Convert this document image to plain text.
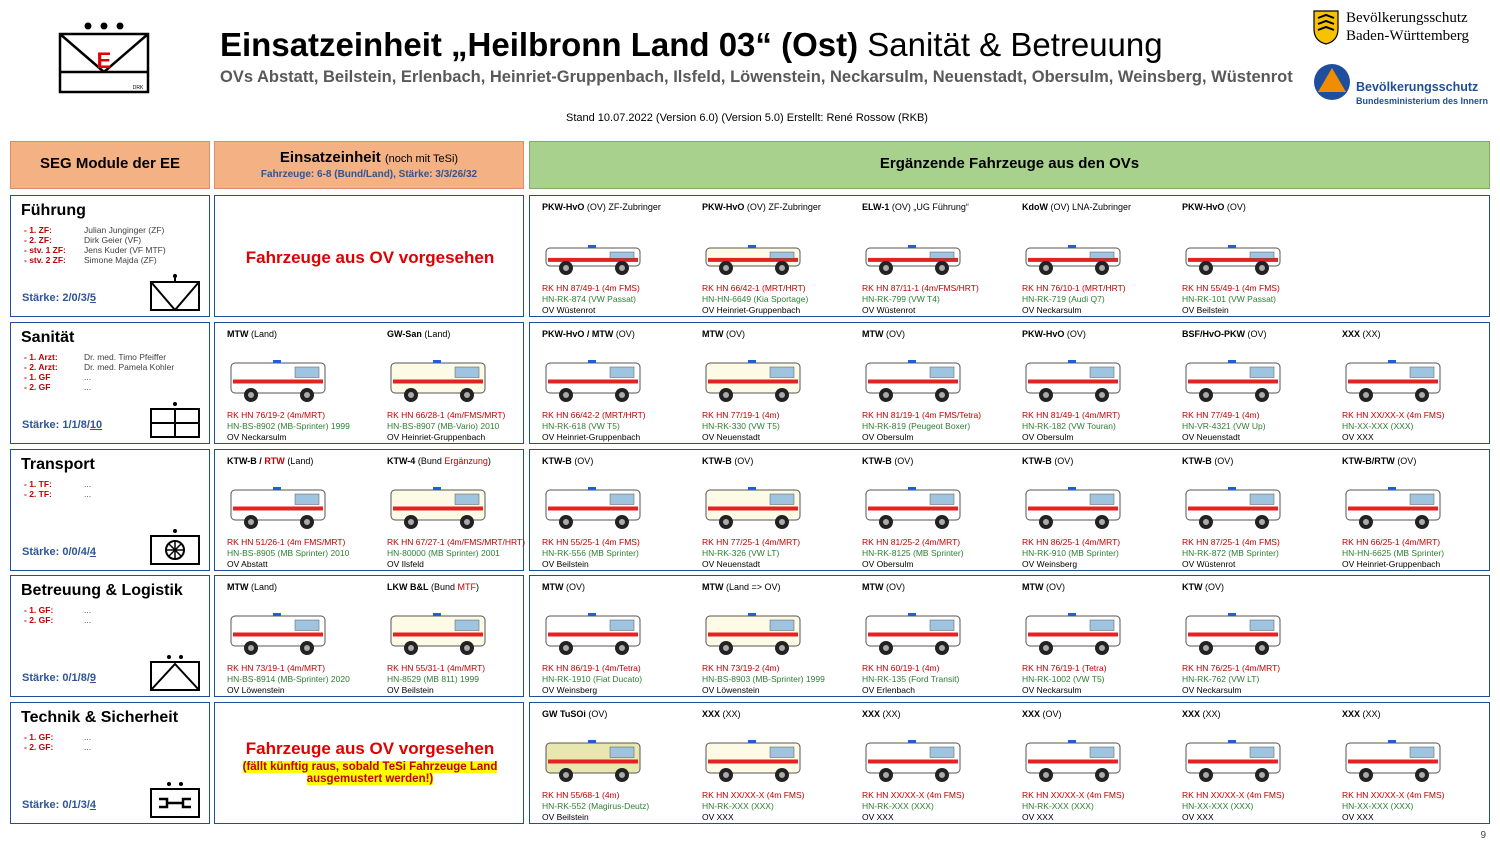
E
DRK
Einsatzeinheit „Heilbronn Land 03“ (Ost) Sanität & Betreuung
OVs Abstatt, Beilstein, Erlenbach, Heinriet-Gruppenbach, Ilsfeld, Löwenstein, Neckarsulm, Neuenstadt, Obersulm, Weinsberg, Wüstenrot
Stand 10.07.2022 (Version 6.0) (Version 5.0) Erstellt: René Rossow (RKB)
Bevölkerungsschutz
Baden-Württemberg
Bevölkerungsschutz
Bundesministerium des Innern
SEG Module der EE	Einsatzeinheit (noch mit TeSi)
Fahrzeuge: 6-8 (Bund/Land), Stärke: 3/3/26/32
Ergänzende Fahrzeuge aus den OVs
Führung
- 1. ZF:	Julian Junginger (ZF)
- 2. ZF:	Dirk Geier (VF)
- stv. 1 ZF: Jens Kuder (VF MTF)
- stv. 2 ZF: Simone Majda (ZF)
Stärke: 2/0/3/5
Fahrzeuge aus OV vorgesehen
PKW-HvO (OV) ZF-Zubringer
RK HN 87/49-1 (4m FMS)
HN-RK-874 (VW Passat)
OV Wüstenrot
PKW-HvO (OV) ZF-Zubringer
RK HN 66/42-1 (MRT/HRT)
HN-HN-6649 (Kia Sportage)
OV Heinriet-Gruppenbach
ELW-1 (OV) „UG Führung“
RK HN 87/11-1 (4m/FMS/HRT)
HN-RK-799 (VW T4)
OV Wüstenrot
KdoW (OV) LNA-Zubringer
RK HN 76/10-1 (MRT/HRT)
HN-RK-719 (Audi Q7)
OV Neckarsulm
PKW-HvO (OV)
RK HN 55/49-1 (4m FMS)
HN-RK-101 (VW Passat)
OV Beilstein
Sanität
- 1. Arzt:	Dr. med. Timo Pfeiffer
- 2. Arzt:	Dr. med. Pamela Kohler
- 1. GF	...
- 2. GF	...
Stärke: 1/1/8/10
MTW (Land)
RK HN 76/19-2 (4m/MRT)
HN-BS-8902 (MB-Sprinter) 1999
OV Neckarsulm
GW-San (Land)
RK HN 66/28-1 (4m/FMS/MRT)
HN-BS-8907 (MB-Vario) 2010
OV Heinriet-Gruppenbach
PKW-HvO / MTW (OV)
RK HN 66/42-2 (MRT/HRT)
HN-RK-618 (VW T5)
OV Heinriet-Gruppenbach
MTW (OV)
RK HN 77/19-1 (4m)
HN-RK-330 (VW T5)
OV Neuenstadt
MTW (OV)
RK HN 81/19-1 (4m FMS/Tetra)
HN-RK-819 (Peugeot Boxer)
OV Obersulm
PKW-HvO (OV)
RK HN 81/49-1 (4m/MRT)
HN-RK-182 (VW Touran)
OV Obersulm
BSF/HvO-PKW (OV)
RK HN 77/49-1 (4m)
HN-VR-4321 (VW Up)
OV Neuenstadt
XXX (XX)
RK HN XX/XX-X (4m FMS)
HN-XX-XXX (XXX)
OV XXX
Transport
- 1. TF:	...
- 2. TF:	...
Stärke: 0/0/4/4
KTW-B / RTW (Land)
RK HN 51/26-1 (4m FMS/MRT)
HN-BS-8905 (MB Sprinter) 2010
OV Abstatt
KTW-4 (Bund Ergänzung)
RK HN 67/27-1 (4m/FMS/MRT/HRT)
HN-80000 (MB Sprinter) 2001
OV Ilsfeld
KTW-B (OV)
RK HN 55/25-1 (4m FMS)
HN-RK-556 (MB Sprinter)
OV Beilstein
KTW-B (OV)
RK HN 77/25-1 (4m/MRT)
HN-RK-326 (VW LT)
OV Neuenstadt
KTW-B (OV)
RK HN 81/25-2 (4m/MRT)
HN-RK-8125 (MB Sprinter)
OV Obersulm
KTW-B (OV)
RK HN 86/25-1 (4m/MRT)
HN-RK-910 (MB Sprinter)
OV Weinsberg
KTW-B (OV)
RK HN 87/25-1 (4m FMS)
HN-RK-872 (MB Sprinter)
OV Wüstenrot
KTW-B/RTW (OV)
RK HN 66/25-1 (4m/MRT)
HN-HN-6625 (MB Sprinter)
OV Heinriet-Gruppenbach
Betreuung & Logistik
- 1. GF:	...
- 2. GF:	...
Stärke: 0/1/8/9
MTW (Land)
RK HN 73/19-1 (4m/MRT)
HN-BS-8914 (MB-Sprinter) 2020
OV Löwenstein
LKW B&L (Bund MTF)
RK HN 55/31-1 (4m/MRT)
HN-8529 (MB 811) 1999
OV Beilstein
MTW (OV)
RK HN 86/19-1 (4m/Tetra)
HN-RK-1910 (Fiat Ducato)
OV Weinsberg
MTW (Land => OV)
RK HN 73/19-2 (4m)
HN-BS-8903 (MB-Sprinter) 1999
OV Löwenstein
MTW (OV)
RK HN 60/19-1 (4m)
HN-RK-135 (Ford Transit)
OV Erlenbach
MTW (OV)
RK HN 76/19-1 (Tetra)
HN-RK-1002 (VW T5)
OV Neckarsulm
KTW (OV)
RK HN 76/25-1 (4m/MRT)
HN-RK-762 (VW LT)
OV Neckarsulm
Technik & Sicherheit
- 1. GF:	...
- 2. GF:	...
Stärke: 0/1/3/4
Fahrzeuge aus OV vorgesehen
(fällt künftig raus, sobald TeSi Fahrzeuge Land ausgemustert werden!)
GW TuSOi (OV)
RK HN 55/68-1 (4m)
HN-RK-552 (Magirus-Deutz)
OV Beilstein
XXX (XX)
RK HN XX/XX-X (4m FMS)
HN-RK-XXX (XXX)
OV XXX
XXX (XX)
RK HN XX/XX-X (4m FMS)
HN-RK-XXX (XXX)
OV XXX
XXX (OV)
RK HN XX/XX-X (4m FMS)
HN-RK-XXX (XXX)
OV XXX
XXX (XX)
RK HN XX/XX-X (4m FMS)
HN-XX-XXX (XXX)
OV XXX
XXX (XX)
RK HN XX/XX-X (4m FMS)
HN-XX-XXX (XXX)
OV XXX
9
